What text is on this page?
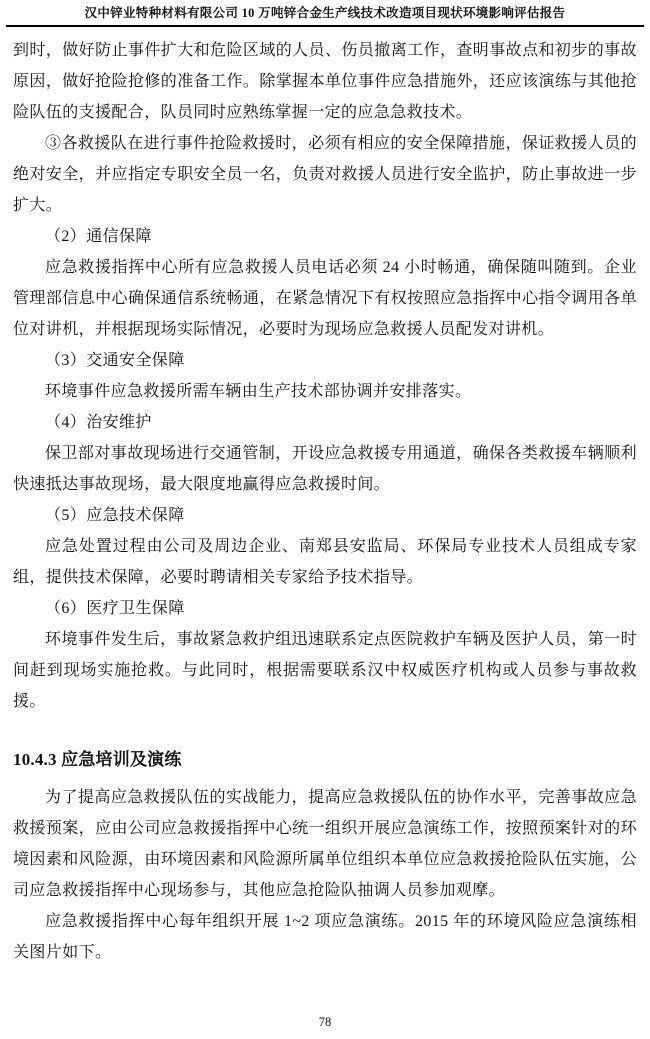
汉中锌业特种材料有限公司 10 万吨锌合金生产线技术改造项目现状环境影响评估报告

到时，做好防止事件扩大和危险区域的人员、伤员撤离工作，查明事故点和初步的事故原因，做好抢险抢修的准备工作。除掌握本单位事件应急措施外，还应该演练与其他抢险队伍的支援配合，队员同时应熟练掌握一定的应急急救技术。

③各救援队在进行事件抢险救援时，必须有相应的安全保障措施，保证救援人员的绝对安全，并应指定专职安全员一名，负责对救援人员进行安全监护，防止事故进一步扩大。

（2）通信保障

应急救援指挥中心所有应急救援人员电话必须 24 小时畅通，确保随叫随到。企业管理部信息中心确保通信系统畅通，在紧急情况下有权按照应急指挥中心指令调用各单位对讲机，并根据现场实际情况，必要时为现场应急救援人员配发对讲机。

（3）交通安全保障

环境事件应急救援所需车辆由生产技术部协调并安排落实。

（4）治安维护

保卫部对事故现场进行交通管制，开设应急救援专用通道，确保各类救援车辆顺利快速抵达事故现场，最大限度地赢得应急救援时间。

（5）应急技术保障

应急处置过程由公司及周边企业、南郑县安监局、环保局专业技术人员组成专家组，提供技术保障，必要时聘请相关专家给予技术指导。

（6）医疗卫生保障

环境事件发生后，事故紧急救护组迅速联系定点医院救护车辆及医护人员，第一时间赶到现场实施抢救。与此同时，根据需要联系汉中权威医疗机构或人员参与事故救援。

10.4.3 应急培训及演练

为了提高应急救援队伍的实战能力，提高应急救援队伍的协作水平，完善事故应急救援预案，应由公司应急救援指挥中心统一组织开展应急演练工作，按照预案针对的环境因素和风险源，由环境因素和风险源所属单位组织本单位应急救援抢险队伍实施，公司应急救援指挥中心现场参与，其他应急抢险队抽调人员参加观摩。

应急救援指挥中心每年组织开展 1~2 项应急演练。2015 年的环境风险应急演练相关图片如下。

78
